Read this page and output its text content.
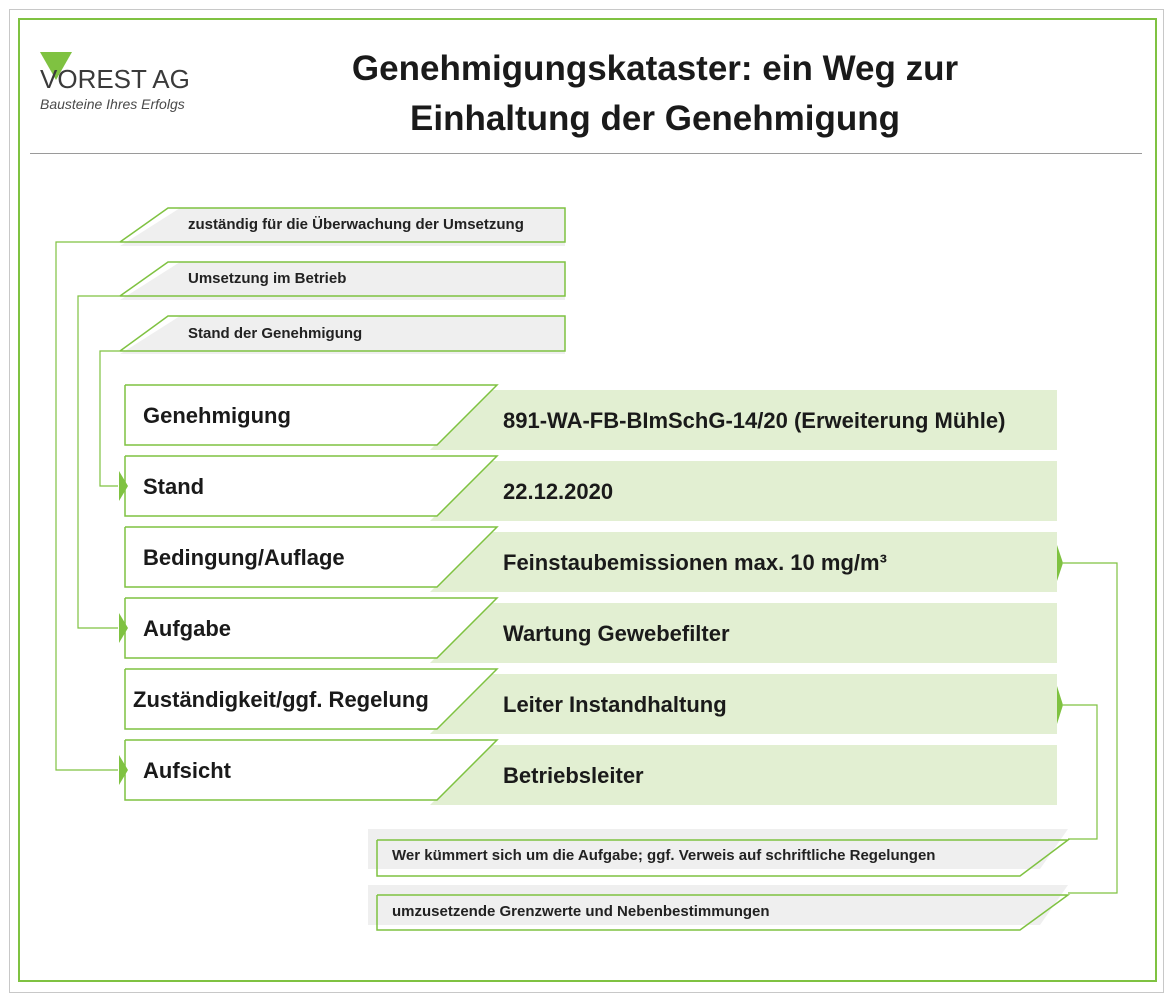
VOREST AG
Bausteine Ihres Erfolgs
Genehmigungskataster: ein Weg zur
Einhaltung der Genehmigung
zuständig für die Überwachung der Umsetzung
Umsetzung im Betrieb
Stand der Genehmigung
Genehmigung
Stand
Bedingung/Auflage
Aufgabe
Zuständigkeit/ggf. Regelung
Aufsicht
891-WA-FB-BImSchG-14/20 (Erweiterung Mühle)
22.12.2020
Feinstaubemissionen max. 10 mg/m³
Wartung Gewebefilter
Leiter Instandhaltung
Betriebsleiter
Wer kümmert sich um die Aufgabe; ggf. Verweis auf schriftliche Regelungen
umzusetzende Grenzwerte und Nebenbestimmungen
